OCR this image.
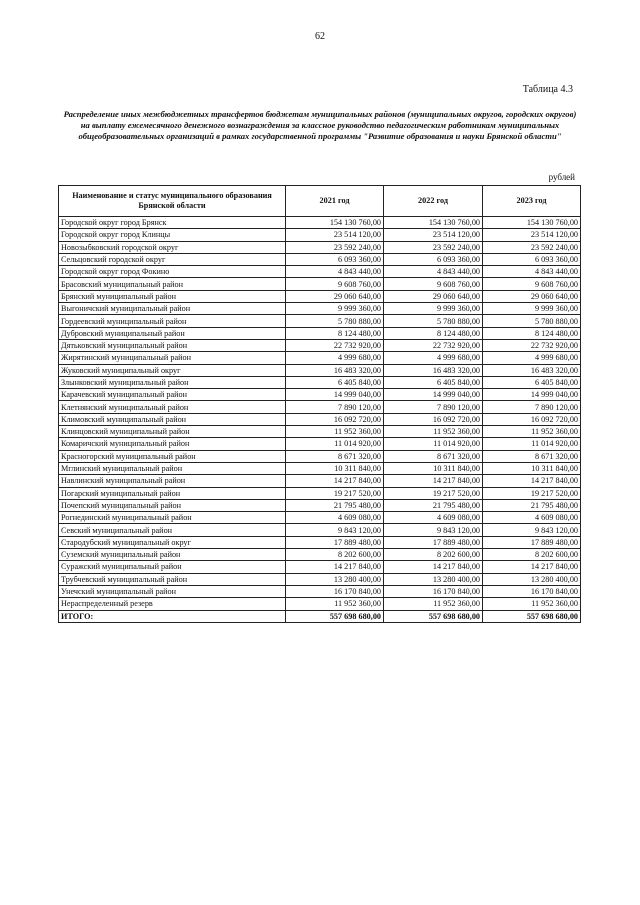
62
Таблица 4.3
Распределение иных межбюджетных трансфертов бюджетам муниципальных районов (муниципальных округов, городских округов) на выплату ежемесячного денежного вознаграждения за классное руководство педагогическим работникам муниципальных общеобразовательных организаций в рамках государственной программы "Развитие образования и науки Брянской области"
рублей
Наименование и статус муниципального образования Брянской области	2021 год	2022 год	2023 год
Городской округ город Брянск	154 130 760,00	154 130 760,00	154 130 760,00
Городской округ город Клинцы	23 514 120,00	23 514 120,00	23 514 120,00
Новозыбковский городской округ	23 592 240,00	23 592 240,00	23 592 240,00
Сельцовский городской округ	6 093 360,00	6 093 360,00	6 093 360,00
Городской округ город Фокино	4 843 440,00	4 843 440,00	4 843 440,00
Брасовский муниципальный район	9 608 760,00	9 608 760,00	9 608 760,00
Брянский муниципальный район	29 060 640,00	29 060 640,00	29 060 640,00
Выгоничский муниципальный район	9 999 360,00	9 999 360,00	9 999 360,00
Гордеевский муниципальный район	5 780 880,00	5 780 880,00	5 780 880,00
Дубровский муниципальный район	8 124 480,00	8 124 480,00	8 124 480,00
Дятьковский муниципальный район	22 732 920,00	22 732 920,00	22 732 920,00
Жирятинский муниципальный район	4 999 680,00	4 999 680,00	4 999 680,00
Жуковский муниципальный округ	16 483 320,00	16 483 320,00	16 483 320,00
Злынковский муниципальный район	6 405 840,00	6 405 840,00	6 405 840,00
Карачевский муниципальный район	14 999 040,00	14 999 040,00	14 999 040,00
Клетнянский муниципальный район	7 890 120,00	7 890 120,00	7 890 120,00
Климовский муниципальный район	16 092 720,00	16 092 720,00	16 092 720,00
Клинцовский муниципальный район	11 952 360,00	11 952 360,00	11 952 360,00
Комаричский муниципальный район	11 014 920,00	11 014 920,00	11 014 920,00
Красногорский муниципальный район	8 671 320,00	8 671 320,00	8 671 320,00
Мглинский муниципальный район	10 311 840,00	10 311 840,00	10 311 840,00
Навлинский муниципальный район	14 217 840,00	14 217 840,00	14 217 840,00
Погарский муниципальный район	19 217 520,00	19 217 520,00	19 217 520,00
Почепский муниципальный район	21 795 480,00	21 795 480,00	21 795 480,00
Рогнединский муниципальный район	4 609 080,00	4 609 080,00	4 609 080,00
Севский муниципальный район	9 843 120,00	9 843 120,00	9 843 120,00
Стародубский муниципальный округ	17 889 480,00	17 889 480,00	17 889 480,00
Суземский муниципальный район	8 202 600,00	8 202 600,00	8 202 600,00
Суражский муниципальный район	14 217 840,00	14 217 840,00	14 217 840,00
Трубчевский муниципальный район	13 280 400,00	13 280 400,00	13 280 400,00
Унечский муниципальный район	16 170 840,00	16 170 840,00	16 170 840,00
Нераспределенный резерв	11 952 360,00	11 952 360,00	11 952 360,00
ИТОГО:	557 698 680,00	557 698 680,00	557 698 680,00
